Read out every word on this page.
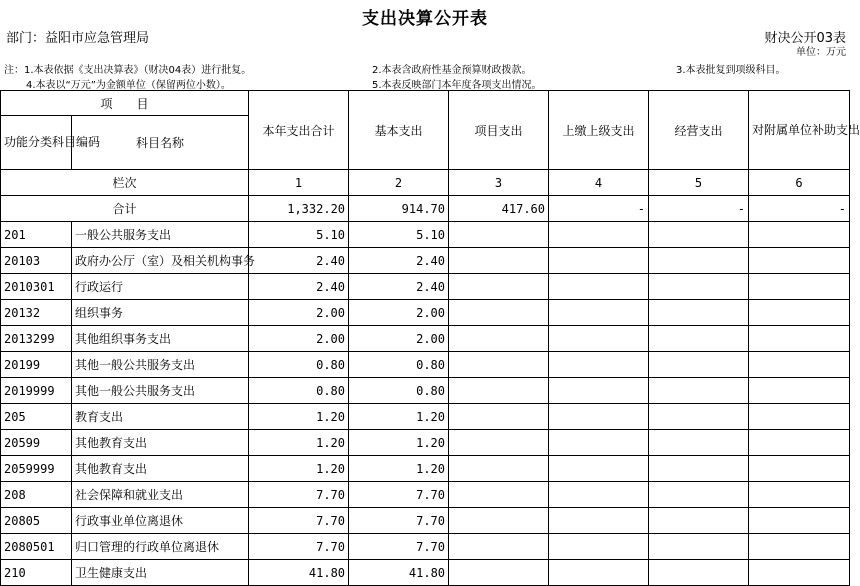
支出决算公开表
部门：益阳市应急管理局	财决公开03表
单位：万元
注：1.本表依据《支出决算表》（财决04表）进行批复。	2.本表含政府性基金预算财政拨款。	3.本表批复到项级科目。
4.本表以“万元”为金额单位（保留两位小数）。	5.本表反映部门本年度各项支出情况。
项　　目		本年支出合计	基本支出	项目支出	上缴上级支出	经营支出	对附属单位补助支出
功能分类科目编码	科目名称						
栏次		1	2	3	4	5	6
合计		1,332.20	914.70	417.60	-	-	-
201	一般公共服务支出	5.10	5.10				
20103	政府办公厅（室）及相关机构事务	2.40	2.40				
2010301	行政运行	2.40	2.40				
20132	组织事务	2.00	2.00				
2013299	其他组织事务支出	2.00	2.00				
20199	其他一般公共服务支出	0.80	0.80				
2019999	其他一般公共服务支出	0.80	0.80				
205	教育支出	1.20	1.20				
20599	其他教育支出	1.20	1.20				
2059999	其他教育支出	1.20	1.20				
208	社会保障和就业支出	7.70	7.70				
20805	行政事业单位离退休	7.70	7.70				
2080501	归口管理的行政单位离退休	7.70	7.70				
210	卫生健康支出	41.80	41.80				
